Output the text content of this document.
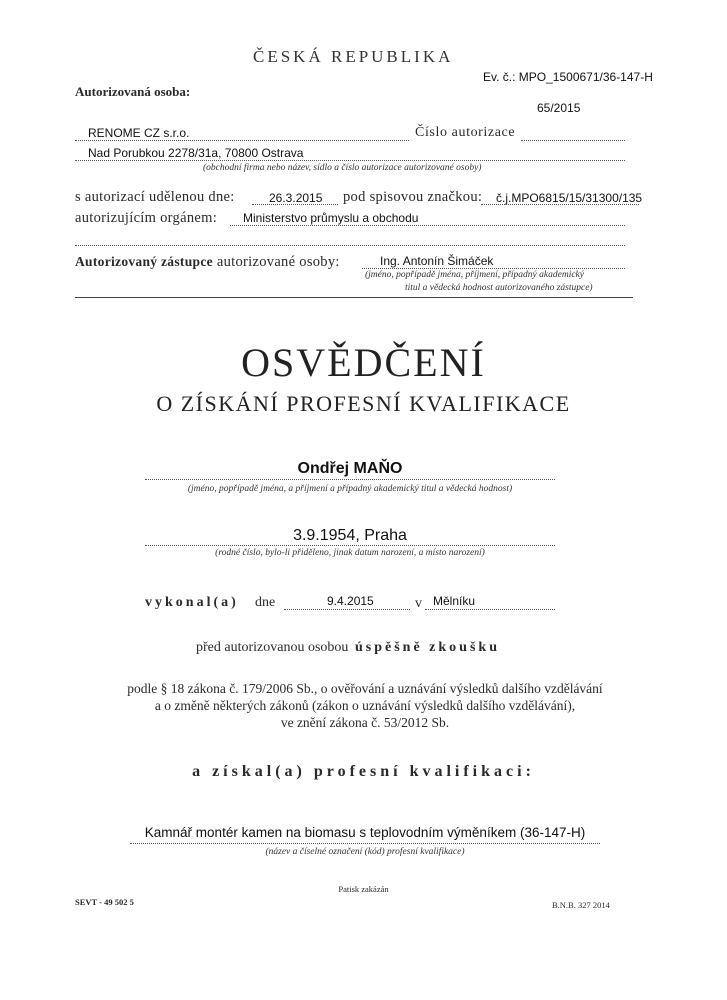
ČESKÁ REPUBLIKA
Ev. č.: MPO_1500671/36-147-H
65/2015
Autorizovaná osoba:
RENOME CZ s.r.o.	Číslo autorizace
Nad Porubkou 2278/31a, 70800 Ostrava
(obchodní firma nebo název, sídlo a číslo autorizace autorizované osoby)
s autorizací udělenou dne:	26.3.2015 pod spisovou značkou: č.j.MPO6815/15/31300/135
autorizujícím orgánem: Ministerstvo průmyslu a obchodu
Autorizovaný zástupce autorizované osoby:	Ing. Antonín Šimáček
(jméno, popřípadě jména, příjmení, případný akademický
titul a vědecká hodnost autorizovaného zástupce)
OSVĚDČENÍ
O ZÍSKÁNÍ PROFESNÍ KVALIFIKACE
Ondřej MAŇO
(jméno, popřípadě jména, a příjmení a případný akademický titul a vědecká hodnost)
3.9.1954, Praha
(rodné číslo, bylo-li přiděleno, jinak datum narození, a místo narození)
vykonal(a) dne	9.4.2015	v Mělníku
před autorizovanou osobou úspěšně zkoušku
podle § 18 zákona č. 179/2006 Sb., o ověřování a uznávání výsledků dalšího vzdělávání
a o změně některých zákonů (zákon o uznávání výsledků dalšího vzdělávání),
ve znění zákona č. 53/2012 Sb.
a získal(a) profesní kvalifikaci:
Kamnář montér kamen na biomasu s teplovodním výměníkem (36-147-H)
(název a číselné označení (kód) profesní kvalifikace)
Patisk zakázán
SEVT - 49 502 5	B.N.B. 327 2014
